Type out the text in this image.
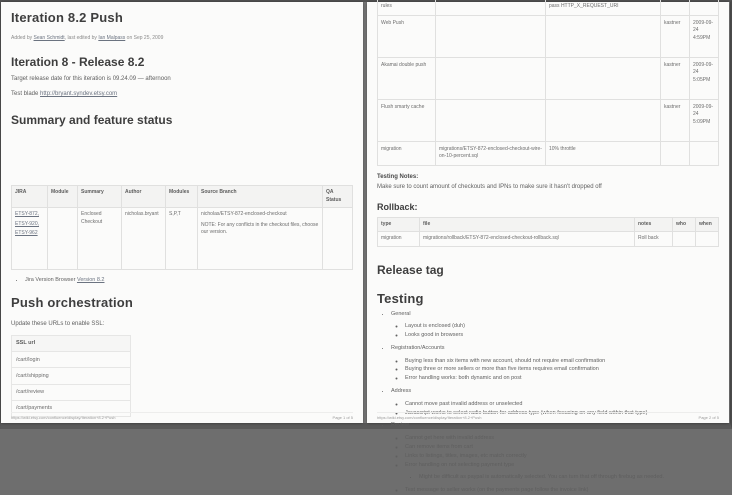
Iteration 8.2 Push
Added by Sean Schmidt, last edited by Ian Malpass on Sep 25, 2009
Iteration 8 - Release 8.2

Target release date for this iteration is 09.24.09 — afternoon

Test blade http://bryant.syndev.etsy.com

Summary and feature status
JIRA	Module	Summary	Author	Modules	Source Branch	QA Status

ETSY-872,
ETSY-920,
ETSY-962		Enclosed Checkout	nicholas.bryant	S,P,T	nicholas/ETSY-872-enclosed-checkout
NOTE: For any conflicts in the checkout files, choose our version.	

• Jira Version Browser Version 8.2
Push orchestration

Update these URLs to enable SSL:

SSL url
/cart/login
/cart/shipping
/cart/review
/cart/payments
https://wiki.etsy.com/confluence/display/Iteration+8.2+Push	Page 1 of 5
rules		pass HTTP_X_REQUEST_URI		
Web Push			kastner	2009-09-24 4:59PM
Akamai double push			kastner	2009-09-24 5:05PM
Flush smarty cache			kastner	2009-09-24 5:09PM
migration	migrations/ETSY-872-enclosed-checkout-wire-on-10-percent.sql	10% throttle		
Testing Notes:

Make sure to count amount of checkouts and IPNs to make sure it hasn't dropped off

Rollback:
type	file	notes	who	when
migration	migrations/rollback/ETSY-872-enclosed-checkout-rollback.sql	Roll back		
Release tag
Testing
• General
◦ Layout is enclosed (duh)
◦ Looks good in browsers
• Registration/Accounts
◦ Buying less than six items with new account, should not require email confirmation
◦ Buying three or more sellers or more than five items requires email confirmation
◦ Error handling works: both dynamic and on post
• Address
◦ Cannot move past invalid address or unselected
◦ Javascript works to select radio button for address type (when focusing on any field within that type)
• Review
◦ Cannot get here with invalid address
◦ Can remove items from cart
◦ Links to listings, titles, images, etc match correctly
◦ Error handling on not selecting payment type
▪ Might be difficult as paypal is automatically selected. You can turn that off through firebug as needed.
◦ Test message to seller works (on the payments page follow the invoice link)
https://wiki.etsy.com/confluence/display/Iteration+8.2+Push	Page 2 of 5
